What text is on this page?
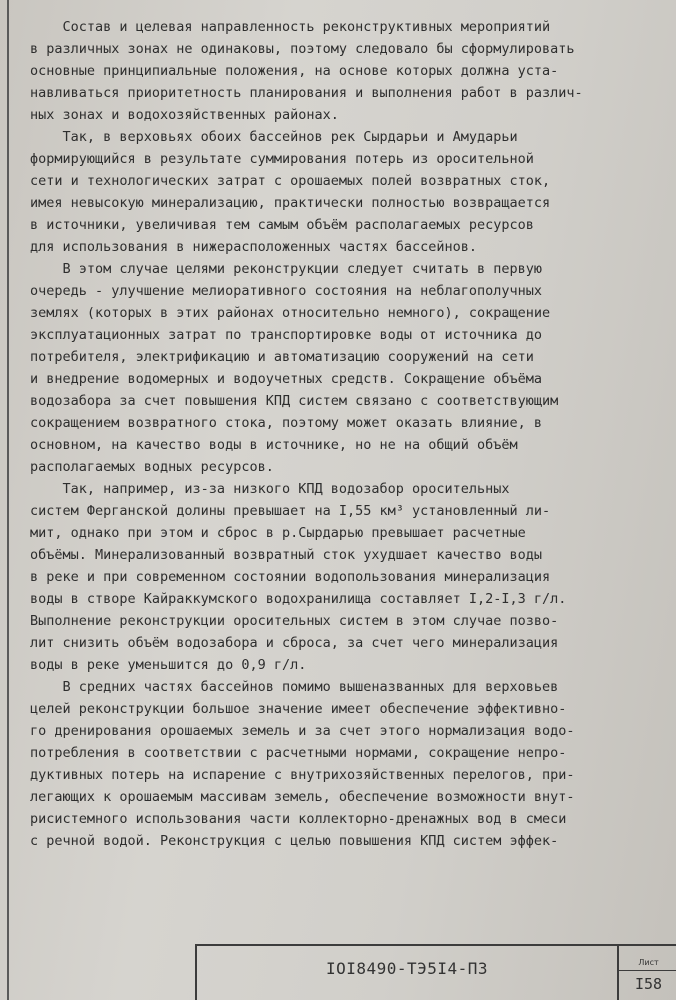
Состав и целевая направленность реконструктивных мероприятий
в различных зонах не одинаковы, поэтому следовало бы сформулировать
основные принципиальные положения, на основе которых должна уста-
навливаться приоритетность планирования и выполнения работ в различ-
ных зонах и водохозяйственных районах.
Так, в верховьях обоих бассейнов рек Сырдарьи и Амударьи
формирующийся в результате суммирования потерь из оросительной
сети и технологических затрат с орошаемых полей возвратных сток,
имея невысокую минерализацию, практически полностью возвращается
в источники, увеличивая тем самым объём располагаемых ресурсов
для использования в нижерасположенных частях бассейнов.
В этом случае целями реконструкции следует считать в первую
очередь - улучшение мелиоративного состояния на неблагополучных
землях (которых в этих районах относительно немного), сокращение
эксплуатационных затрат по транспортировке воды от источника до
потребителя, электрификацию и автоматизацию сооружений на сети
и внедрение водомерных и водоучетных средств. Сокращение объёма
водозабора за счет повышения КПД систем связано с соответствующим
сокращением возвратного стока, поэтому может оказать влияние, в
основном, на качество воды в источнике, но не на общий объём
располагаемых водных ресурсов.
Так, например, из-за низкого КПД водозабор оросительных
систем Ферганской долины превышает на I,55 км³ установленный ли-
мит, однако при этом и сброс в р.Сырдарью превышает расчетные
объёмы. Минерализованный возвратный сток ухудшает качество воды
в реке и при современном состоянии водопользования минерализация
воды в створе Кайраккумского водохранилища составляет I,2-I,3 г/л.
Выполнение реконструкции оросительных систем в этом случае позво-
лит снизить объём водозабора и сброса, за счет чего минерализация
воды в реке уменьшится до 0,9 г/л.
В средних частях бассейнов помимо вышеназванных для верховьев
целей реконструкции большое значение имеет обеспечение эффективно-
го дренирования орошаемых земель и за счет этого нормализация водо-
потребления в соответствии с расчетными нормами, сокращение непро-
дуктивных потерь на испарение с внутрихозяйственных перелогов, при-
легающих к орошаемым массивам земель, обеспечение возможности внут-
рисистемного использования части коллекторно-дренажных вод в смеси
с речной водой. Реконструкция с целью повышения КПД систем эффек-
IOI8490-ТЭ5I4-ПЗ	Лист
I58
